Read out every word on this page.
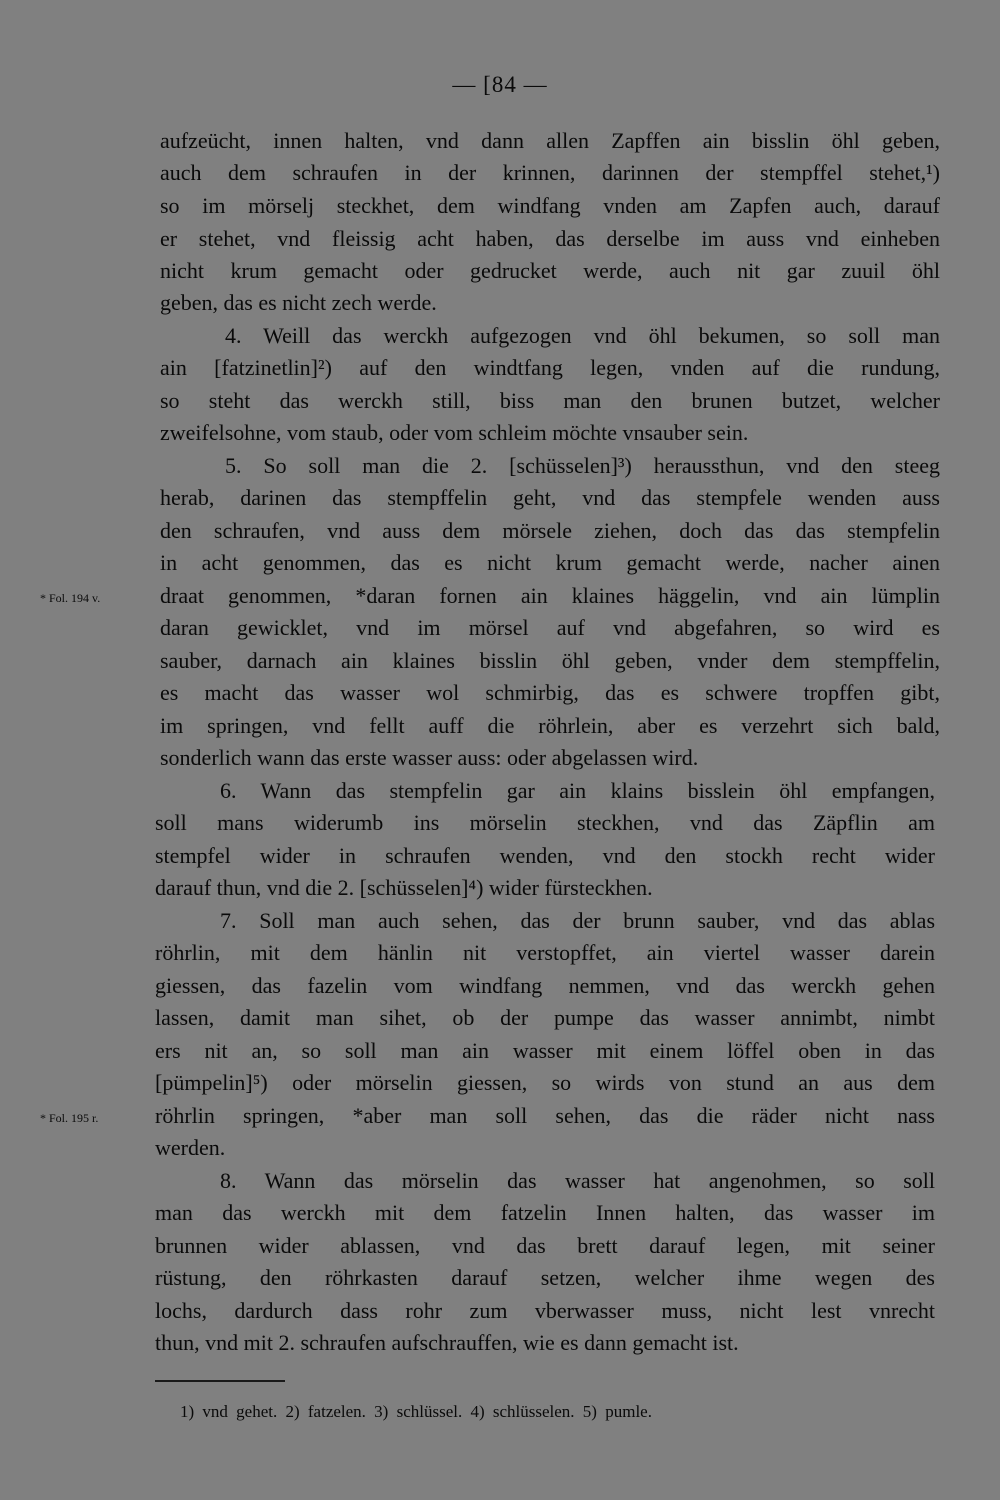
— [84 —
aufzeücht, innen halten, vnd dann allen Zapffen ain bisslin öhl geben,
auch dem schraufen in der krinnen, darinnen der stempffel stehet,¹)
so im mörselj steckhet, dem windfang vnden am Zapfen auch, darauf
er stehet, vnd fleissig acht haben, das derselbe im auss vnd einheben
nicht krum gemacht oder gedrucket werde, auch nit gar zuuil öhl
geben, das es nicht zech werde.
4. Weill das werckh aufgezogen vnd öhl bekumen, so soll man
ain [fatzinetlin]²) auf den windtfang legen, vnden auf die rundung,
so steht das werckh still, biss man den brunen butzet, welcher
zweifelsohne, vom staub, oder vom schleim möchte vnsauber sein.
5. So soll man die 2. [schüsselen]³) heraussthun, vnd den steeg
herab, darinen das stempffelin geht, vnd das stempfele wenden auss
den schraufen, vnd auss dem mörsele ziehen, doch das das stempfelin
in acht genommen, das es nicht krum gemacht werde, nacher ainen
draat genommen, *daran fornen ain klaines häggelin, vnd ain lümplin
daran gewicklet, vnd im mörsel auf vnd abgefahren, so wird es
sauber, darnach ain klaines bisslin öhl geben, vnder dem stempffelin,
es macht das wasser wol schmirbig, das es schwere tropffen gibt,
im springen, vnd fellt auff die röhrlein, aber es verzehrt sich bald,
sonderlich wann das erste wasser auss: oder abgelassen wird.
6. Wann das stempfelin gar ain klains bisslein öhl empfangen,
soll mans widerumb ins mörselin steckhen, vnd das Zäpflin am
stempfel wider in schraufen wenden, vnd den stockh recht wider
darauf thun, vnd die 2. [schüsselen]⁴) wider fürsteckhen.
7. Soll man auch sehen, das der brunn sauber, vnd das ablas
röhrlin, mit dem hänlin nit verstopffet, ain viertel wasser darein
giessen, das fazelin vom windfang nemmen, vnd das werckh gehen
lassen, damit man sihet, ob der pumpe das wasser annimbt, nimbt
ers nit an, so soll man ain wasser mit einem löffel oben in das
[pümpelin]⁵) oder mörselin giessen, so wirds von stund an aus dem
röhrlin springen, *aber man soll sehen, das die räder nicht nass
werden.
8. Wann das mörselin das wasser hat angenohmen, so soll
man das werckh mit dem fatzelin Innen halten, das wasser im
brunnen wider ablassen, vnd das brett darauf legen, mit seiner
rüstung, den röhrkasten darauf setzen, welcher ihme wegen des
lochs, dardurch dass rohr zum vberwasser muss, nicht lest vnrecht
thun, vnd mit 2. schraufen aufschrauffen, wie es dann gemacht ist.
* Fol. 194 v.
* Fol. 195 r.
1) vnd gehet. 2) fatzelen. 3) schlüssel. 4) schlüsselen. 5) pumle.
